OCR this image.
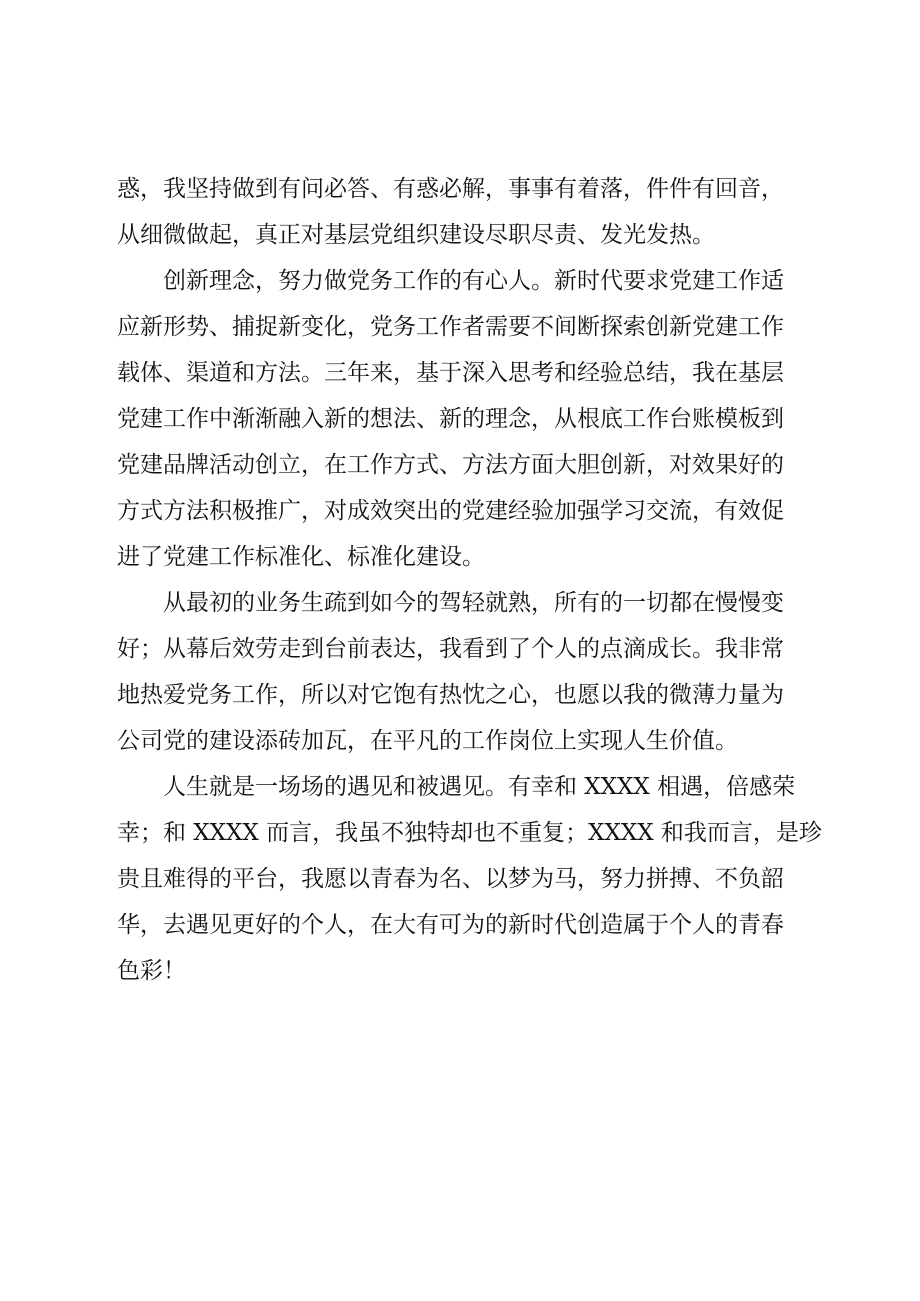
惑，我坚持做到有问必答、有惑必解，事事有着落，件件有回音，
从细微做起，真正对基层党组织建设尽职尽责、发光发热。

创新理念，努力做党务工作的有心人。新时代要求党建工作适
应新形势、捕捉新变化，党务工作者需要不间断探索创新党建工作
载体、渠道和方法。三年来，基于深入思考和经验总结，我在基层
党建工作中渐渐融入新的想法、新的理念，从根底工作台账模板到
党建品牌活动创立，在工作方式、方法方面大胆创新，对效果好的
方式方法积极推广，对成效突出的党建经验加强学习交流，有效促
进了党建工作标准化、标准化建设。

从最初的业务生疏到如今的驾轻就熟，所有的一切都在慢慢变
好；从幕后效劳走到台前表达，我看到了个人的点滴成长。我非常
地热爱党务工作，所以对它饱有热忱之心，也愿以我的微薄力量为
公司党的建设添砖加瓦，在平凡的工作岗位上实现人生价值。

人生就是一场场的遇见和被遇见。有幸和 XXXX 相遇，倍感荣
幸；和 XXXX 而言，我虽不独特却也不重复；XXXX 和我而言，是珍
贵且难得的平台，我愿以青春为名、以梦为马，努力拼搏、不负韶
华，去遇见更好的个人，在大有可为的新时代创造属于个人的青春
色彩！
